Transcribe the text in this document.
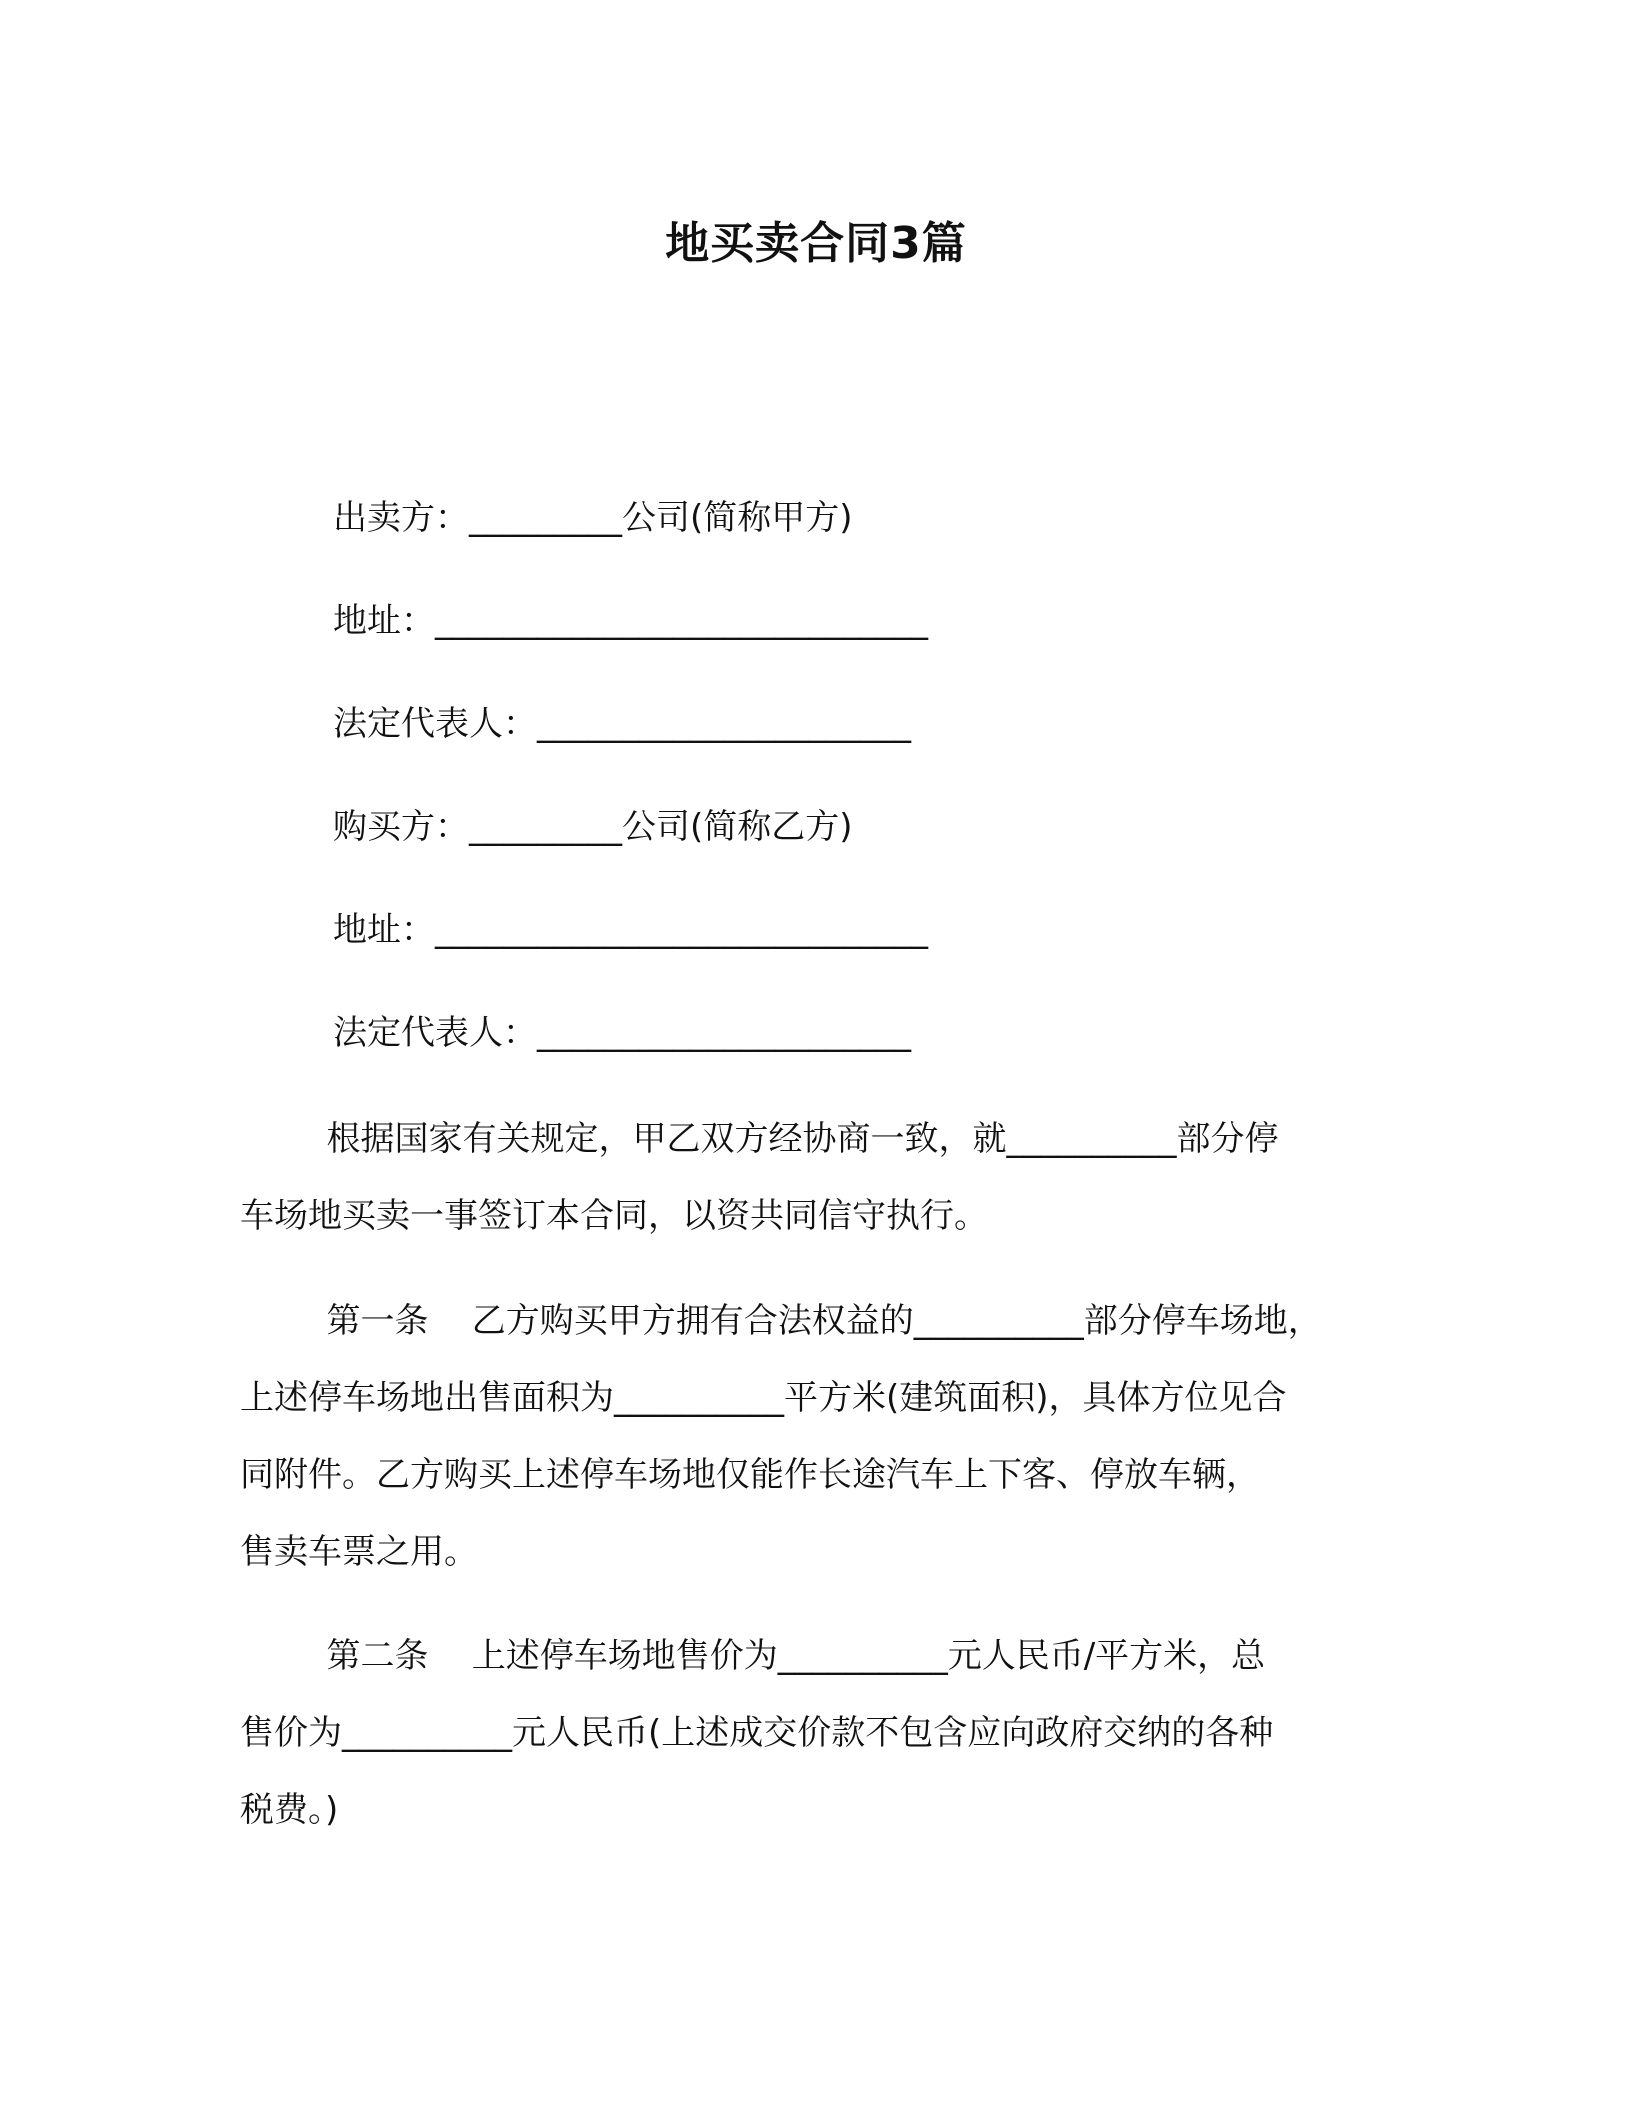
地买卖合同3篇
出卖方：_________公司(简称甲方)
地址：_____________________________
法定代表人：______________________
购买方：_________公司(简称乙方)
地址：_____________________________
法定代表人：______________________
根据国家有关规定，甲乙双方经协商一致，就__________部分停
车场地买卖一事签订本合同，以资共同信守执行。
第一条    乙方购买甲方拥有合法权益的__________部分停车场地，
上述停车场地出售面积为__________平方米(建筑面积)，具体方位见合
同附件。乙方购买上述停车场地仅能作长途汽车上下客、停放车辆，
售卖车票之用。
第二条    上述停车场地售价为__________元人民币/平方米，总
售价为__________元人民币(上述成交价款不包含应向政府交纳的各种
税费。)
